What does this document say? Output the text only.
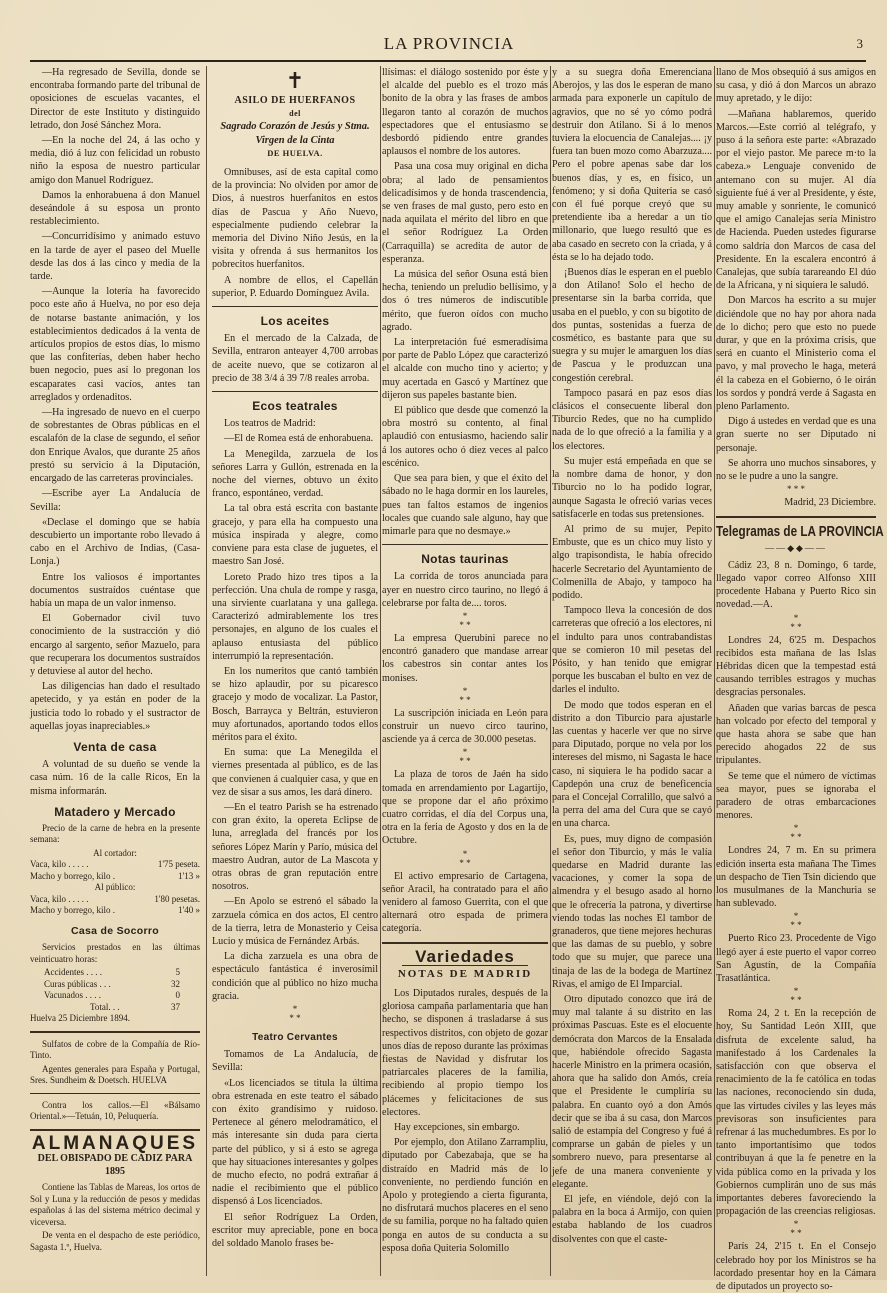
LA PROVINCIA	3

—Ha regresado de Sevilla, donde se encontraba formando parte del tribunal de oposiciones de escuelas vacantes, el Director de este Instituto y distinguido letrado, don José Sánchez Mora.

—En la noche del 24, á las ocho y media, dió á luz con felicidad un robusto niño la esposa de nuestro particular amigo don Manuel Rodríguez.

Damos la enhorabuena á don Manuel deseándole á su esposa un pronto restablecimiento.

—Concurridísimo y animado estuvo en la tarde de ayer el paseo del Muelle desde las dos á las cinco y media de la tarde.

—Aunque la lotería ha favorecido poco este año á Huelva, no por eso deja de notarse bastante animación, y los establecimientos dedicados á la venta de artículos propios de estos días, lo mismo que las confiterías, deben haber hecho buen negocio, pues así lo pregonan los escaparates casi vacíos, antes tan arreglados y ordenaditos.

—Ha ingresado de nuevo en el cuerpo de sobrestantes de Obras públicas en el escalafón de la clase de segundo, el señor don Enrique Avalos, que durante 25 años prestó su servicio á la Diputación, encargado de las carreteras provinciales.

—Escribe ayer La Andalucía de Sevilla:

«Declase el domingo que se había descubierto un importante robo llevado á cabo en el Archivo de Indias, (Casa-Lonja.)

Entre los valiosos é importantes documentos sustraídos cuéntase que había un mapa de un valor inmenso.

El Gobernador civil tuvo conocimiento de la sustracción y dió encargo al sargento, señor Mazuelo, para que recuperara los documentos sustraídos y detuviese al autor del hecho.

Las diligencias han dado el resultado apetecido, y ya están en poder de la justicia todo lo robado y el sustractor de aquellas joyas inapreciables.»

Venta de casa

A voluntad de su dueño se vende la casa núm. 16 de la calle Ricos, En la misma informarán.

Matadero y Mercado

Precio de la carne de hebra en la presente semana:

Al cortador:
Vaca, kilo . . . . .	1'75 peseta.
Macho y borrego, kilo .	1'13 »
Al público:
Vaca, kilo . . . . .	1'80 pesetas.
Macho y borrego, kilo .	1'40 »
Casa de Socorro

Servicios prestados en las últimas veinticuatro horas:

Accidentes . . . .	5
Curas públicas . . .	32
Vacunados . . . .	0
Total. . .	37

Huelva 25 Diciembre 1894.

Sulfatos de cobre de la Compañía de Río-Tinto.

Agentes generales para España y Portugal, Sres. Sundheim & Doetsch. HUELVA

Contra los callos.—El «Bálsamo Oriental.»—Tetuán, 10, Peluquería.

ALMANAQUES
DEL OBISPADO DE CADIZ PARA 1895

Contiene las Tablas de Mareas, los ortos de Sol y Luna y la reducción de pesos y medidas españolas á las del sistema métrico decimal y viceversa.

De venta en el despacho de este periódico, Sagasta 1.º, Huelva.

✝
ASILO DE HUERFANOS
del
Sagrado Corazón de Jesús y Stma. Virgen de la Cinta
DE HUELVA.

Omnibuses, así de esta capital como de la provincia: No olviden por amor de Dios, á nuestros huerfanitos en estos días de Pascua y Año Nuevo, especialmente pudiendo celebrar la memoria del Divino Niño Jesús, en la visita y ofrenda á sus hermanitos los pobrecitos huerfanitos.

A nombre de ellos, el Capellán superior, P. Eduardo Domínguez Avila.

Los aceites

En el mercado de la Calzada, de Sevilla, entraron anteayer 4,700 arrobas de aceite nuevo, que se cotizaron al precio de 38 3/4 á 39 7/8 reales arroba.

Ecos teatrales

Los teatros de Madrid:

—El de Romea está de enhorabuena.

La Menegilda, zarzuela de los señores Larra y Gullón, estrenada en la noche del viernes, obtuvo un éxito franco, espontáneo, verdad.

La tal obra está escrita con bastante gracejo, y para ella ha compuesto una música inspirada y alegre, como conviene para esta clase de juguetes, el maestro San José.

Loreto Prado hizo tres tipos a la perfección. Una chula de rompe y rasga, una sirviente cuarlatana y una gallega. Caracterizó admirablemente los tres personajes, en alguno de los cuales el aplauso entusiasta del público interrumpió la representación.

En los numeritos que cantó también se hizo aplaudir, por su picaresco gracejo y modo de vocalizar. La Pastor, Bosch, Barrayca y Beltrán, estuvieron muy afortunados, aportando todos ellos méritos para el éxito.

En suma: que La Menegilda el viernes presentada al público, es de las que convienen á cualquier casa, y que en vez de sisar a sus amos, les dará dinero.

—En el teatro Parish se ha estrenado con gran éxito, la opereta Eclipse de luna, arreglada del francés por los señores López Marín y Parío, música del maestro Audran, autor de La Mascota y otras obras de gran reputación entre nosotros.

—En Apolo se estrenó el sábado la zarzuela cómica en dos actos, El centro de la tierra, letra de Monasterio y Ceisa Lucio y música de Fernández Arbás.

La dicha zarzuela es una obra de espectáculo fantástica é inverosímil condición que al público no hizo mucha gracia.

*
* *
Teatro Cervantes

Tomamos de La Andalucía, de Sevilla:

«Los licenciados se titula la última obra estrenada en este teatro el sábado con éxito grandísimo y ruidoso. Pertenece al género melodramático, el más interesante sin duda para cierta parte del público, y si á esto se agrega que hay situaciones interesantes y golpes de mucho efecto, no podrá extrañar á nadie el recibimiento que el público dispensó á Los licenciados.

El señor Rodríguez La Orden, escritor muy apreciable, pone en boca del soldado Manolo frases be-

llísimas: el diálogo sostenido por éste y el alcalde del pueblo es el trozo más bonito de la obra y las frases de ambos llegaron tanto al corazón de muchos espectadores que el entusiasmo se desbordó pidiendo entre grandes aplausos el nombre de los autores.

Pasa una cosa muy original en dicha obra; al lado de pensamientos delicadísimos y de honda trascendencia, se ven frases de mal gusto, pero esto en nada aquilata el mérito del libro en que el señor Rodríguez La Orden (Carraquilla) se acredita de autor de esperanza.

La música del señor Osuna está bien hecha, teniendo un preludio bellísimo, y dos ó tres números de indiscutible mérito, que fueron oídos con mucho agrado.

La interpretación fué esmeradísima por parte de Pablo López que caracterizó el alcalde con mucho tino y acierto; y muy acertada en Gascó y Martínez que dijeron sus papeles bastante bien.

El público que desde que comenzó la obra mostró su contento, al final aplaudió con entusiasmo, haciendo salir á los autores ocho ó diez veces al palco escénico.

Que sea para bien, y que el éxito del sábado no le haga dormir en los laureles, pues tan faltos estamos de ingenios locales que cuando sale alguno, hay que mimarle para que no desmaye.»

Notas taurinas

La corrida de toros anunciada para ayer en nuestro circo taurino, no llegó á celebrarse por falta de.... toros.

*
* *

La empresa Querubini parece no encontró ganadero que mandase arrear los cabestros sin contar antes los monises.

*
* *

La suscripción iniciada en León para construir un nuevo circo taurino, asciende ya á cerca de 30.000 pesetas.

*
* *

La plaza de toros de Jaén ha sido tomada en arrendamiento por Lagartijo, que se propone dar el año próximo cuatro corridas, el día del Corpus una, otra en la feria de Agosto y dos en la de Octubre.

*
* *

El activo empresario de Cartagena, señor Aracil, ha contratado para el año venidero al famoso Guerrita, con el que alternará otro espada de primera categoría.

Variedades
NOTAS DE MADRID

Los Diputados rurales, después de la gloriosa campaña parlamentaria que han hecho, se disponen á trasladarse á sus respectivos distritos, con objeto de gozar unos días de reposo durante las próximas fiestas de Navidad y disfrutar los patriarcales placeres de la familia, recibiendo al propio tiempo los plácemes y felicitaciones de sus electores.

Hay excepciones, sin embargo.

Por ejemplo, don Atilano Zarrampliu, diputado por Cabezabaja, que se ha distraído en Madrid más de lo conveniente, no perdiendo función en Apolo y protegiendo a cierta figuranta, no disfrutará muchos placeres en el seno de su familia, porque no ha faltado quien ponga en autos de su conducta a su esposa doña Quiteria Solomillo

y a su suegra doña Emerenciana Aberojos, y las dos le esperan de mano armada para exponerle un capítulo de agravios, que no sé yo cómo podrá destruir don Atilano. Si á lo menos tuviera la elocuencia de Canalejas.... ¡y fuera tan buen mozo como Abarzuza.... Pero el pobre apenas sabe dar los buenos días, y es, en físico, un fenómeno; y si doña Quiteria se casó con él fué porque creyó que su pretendiente iba a heredar a un tío millonario, que luego resultó que es aba casado en secreto con la criada, y á ésta se lo ha dejado todo.

¡Buenos días le esperan en el pueblo a don Atilano! Solo el hecho de presentarse sin la barba corrida, que usaba en el pueblo, y con su bigotito de dos puntas, sostenidas a fuerza de cosmético, es bastante para que su suegra y su mujer le amarguen los días de Pascua y le produzcan una congestión cerebral.

Tampoco pasará en paz esos días clásicos el consecuente liberal don Tiburcio Redes, que no ha cumplido nada de lo que ofreció a la familia y a los electores.

Su mujer está empeñada en que se la nombre dama de honor, y don Tiburcio no lo ha podido lograr, aunque Sagasta le ofreció varias veces satisfacerle en todas sus pretensiones.

Al primo de su mujer, Pepito Embuste, que es un chico muy listo y algo trapisondista, le había ofrecido hacerle Secretario del Ayuntamiento de Colmenilla de Abajo, y tampoco ha podido.

Tampoco lleva la concesión de dos carreteras que ofreció a los electores, ni el indulto para unos contrabandistas que se comieron 10 mil pesetas del Pósito, y han tenido que emigrar porque les buscaban el bulto en vez de darles el indulto.

De modo que todos esperan en el distrito a don Tiburcio para ajustarle las cuentas y hacerle ver que no sirve para Diputado, porque no vela por los intereses del mismo, ni Sagasta le hace caso, ni siquiera le ha podido sacar a Capdepón una cruz de beneficencia para el Concejal Corralillo, que salvó a la perra del ama del Cura que se cayó en una charca.

Es, pues, muy digno de compasión el señor don Tiburcio, y más le valía quedarse en Madrid durante las vacaciones, y comer la sopa de almendra y el besugo asado al horno que le ofrecería la patrona, y divertirse viendo todas las noches El tambor de granaderos, que tiene mejores hechuras que las damas de su pueblo, y sobre todo que su mujer, que parece una tinaja de las de la bodega de Martínez Rivas, el amigo de El Imparcial.

Otro diputado conozco que irá de muy mal talante á su distrito en las próximas Pascuas. Este es el elocuente demócrata don Marcos de la Ensalada que, habiéndole ofrecido Sagasta hacerle Ministro en la primera ocasión, ahora que ha salido don Amós, creía que el Presidente le cumpliría su palabra. En cuanto oyó a don Amós decir que se iba á su casa, don Marcos salió de estampía del Congreso y fué á comprarse un gabán de pieles y un sombrero nuevo, para presentarse al jefe de una manera conveniente y elegante.

El jefe, en viéndole, dejó con la palabra en la boca á Armijo, con quien estaba hablando de los cuadros disolventes con que el caste-

llano de Mos obsequió á sus amigos en su casa, y dió á don Marcos un abrazo muy apretado, y le dijo:

—Mañana hablaremos, querido Marcos.—Este corrió al telégrafo, y puso á la señora este parte: «Abrazado por el viejo pastor. Me parece m·to la cabeza.» Lenguaje convenido de antemano con su mujer. Al día siguiente fué á ver al Presidente, y éste, muy amable y sonriente, le comunicó que el amigo Canalejas sería Ministro de Hacienda. Pueden ustedes figurarse como saldría don Marcos de casa del Presidente. En la escalera encontró á Canalejas, que subía tarareando El dúo de la Africana, y ni siquiera le saludó.

Don Marcos ha escrito a su mujer diciéndole que no hay por ahora nada de lo dicho; pero que esto no puede durar, y que en la próxima crisis, que será en cuanto el Ministerio coma el pavo, y mal provecho le haga, meterá él la cabeza en el Gobierno, ó le oirán los sordos y pondrá verde á Sagasta en pleno Parlamento.

Digo á ustedes en verdad que es una gran suerte no ser Diputado ni personaje.

Se ahorra uno muchos sinsabores, y no se le pudre a uno la sangre.

* * *
Madrid, 23 Diciembre.
Telegramas de LA PROVINCIA
——◆◆——

Cádiz 23, 8 n. Domingo, 6 tarde, llegado vapor correo Alfonso XIII procedente Habana y Puerto Rico sin novedad.—A.

*
* *

Londres 24, 6'25 m. Despachos recibidos esta mañana de las Islas Hébridas dicen que la tempestad está causando terribles estragos y muchas desgracias personales.

Añaden que varias barcas de pesca han volcado por efecto del temporal y que hasta ahora se sabe que han perecido ahogados 22 de sus tripulantes.

Se teme que el número de víctimas sea mayor, pues se ignoraba el paradero de otras embarcaciones menores.

*
* *

Londres 24, 7 m. En su primera edición inserta esta mañana The Times un despacho de Tien Tsin diciendo que los musulmanes de la Manchuria se han sublevado.

*
* *

Puerto Rico 23. Procedente de Vigo llegó ayer á este puerto el vapor correo San Agustín, de la Compañía Trasatlántica.

*
* *

Roma 24, 2 t. En la recepción de hoy, Su Santidad León XIII, que disfruta de excelente salud, ha manifestado á los Cardenales la satisfacción con que observa el renacimiento de la fe católica en todas las naciones, reconociendo sin duda, que las virtudes civiles y las leyes más previsoras son insuficientes para refrenar á las muchedumbres. Es por lo tanto importantísimo que todos contribuyan á que la fe penetre en la vida pública como en la privada y los Gobiernos cumplirán uno de sus más importantes deberes favoreciendo la propagación de las creencias religiosas.

*
* *

París 24, 2'15 t. En el Consejo celebrado hoy por los Ministros se ha acordado presentar hoy en la Cámara de diputados un proyecto so-
